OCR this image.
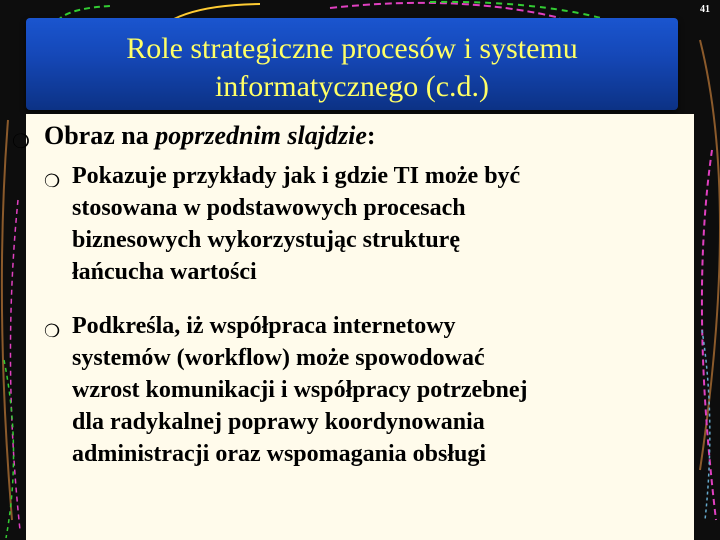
41
Role strategiczne procesów i systemu
informatycznego (c.d.)
❍ Obraz na poprzednim slajdzie:
❍ Pokazuje przykłady jak i gdzie TI może być
stosowana w podstawowych procesach
biznesowych wykorzystując strukturę
łańcucha wartości
❍ Podkreśla, iż współpraca internetowy
systemów (workflow) może spowodować
wzrost komunikacji i współpracy potrzebnej
dla radykalnej poprawy koordynowania
administracji oraz wspomagania obsługi
